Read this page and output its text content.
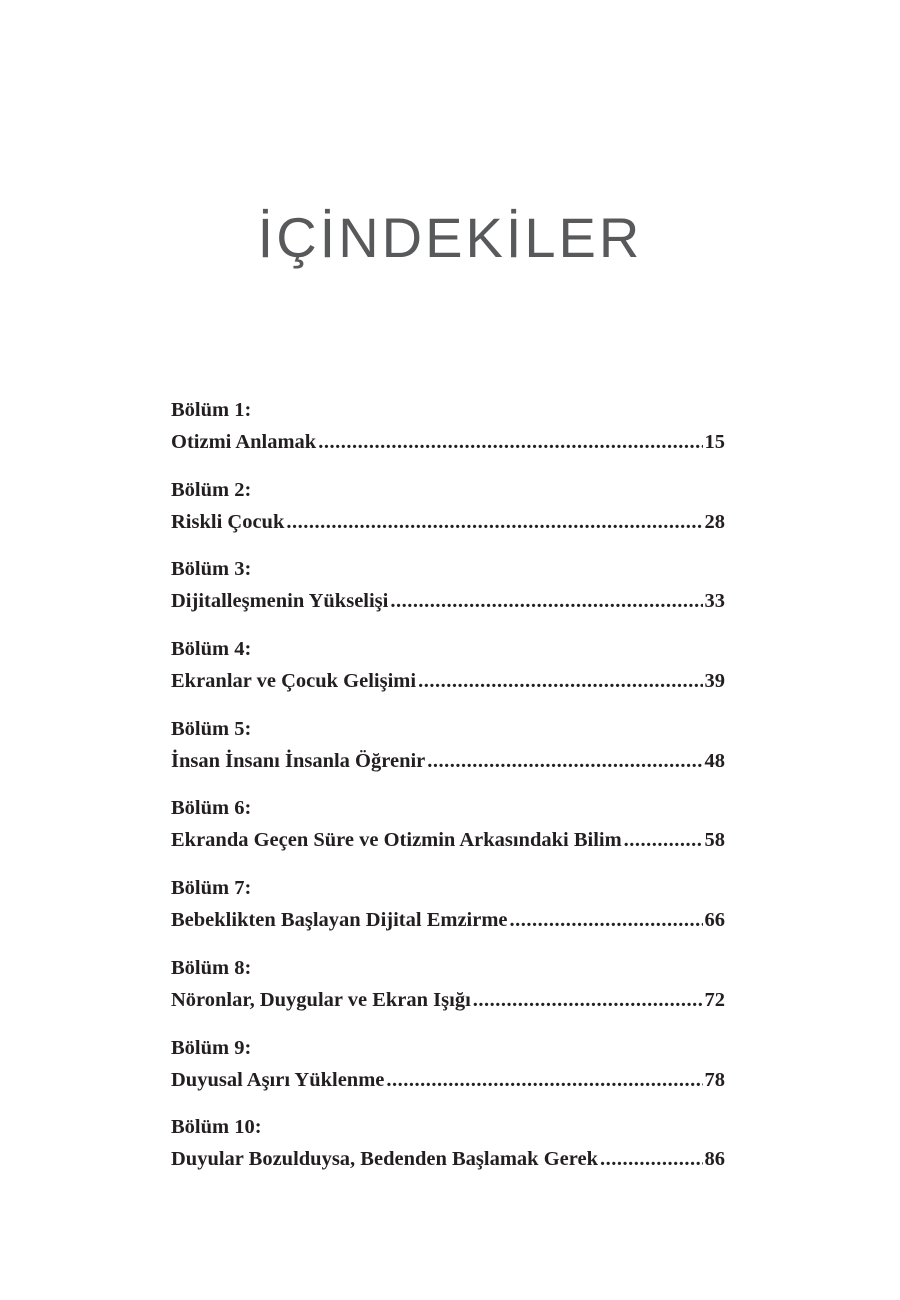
İÇİNDEKİLER
Bölüm 1:
Otizmi Anlamak .....	15
Bölüm 2:
Riskli Çocuk .....	28
Bölüm 3:
Dijitalleşmenin Yükselişi .....	33
Bölüm 4:
Ekranlar ve Çocuk Gelişimi .....	39
Bölüm 5:
İnsan İnsanı İnsanla Öğrenir .....	48
Bölüm 6:
Ekranda Geçen Süre ve Otizmin Arkasındaki Bilim .....	58
Bölüm 7:
Bebeklikten Başlayan Dijital Emzirme .....	66
Bölüm 8:
Nöronlar, Duygular ve Ekran Işığı .....	72
Bölüm 9:
Duyusal Aşırı Yüklenme .....	78
Bölüm 10:
Duyular Bozulduysa, Bedenden Başlamak Gerek .....	86
